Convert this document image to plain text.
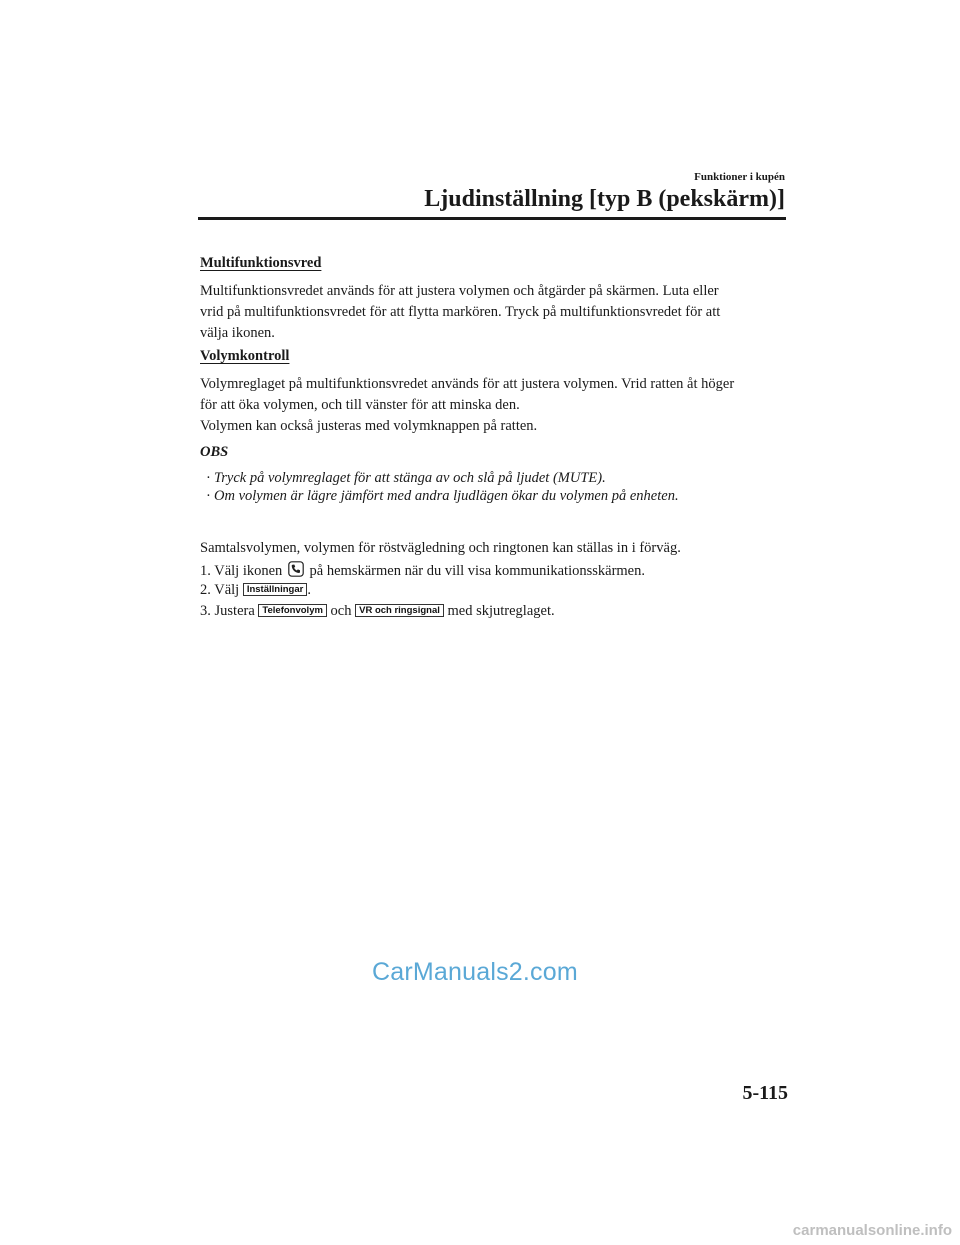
Funktioner i kupén
Ljudinställning [typ B (pekskärm)]
Multifunktionsvred
Multifunktionsvredet används för att justera volymen och åtgärder på skärmen. Luta eller
vrid på multifunktionsvredet för att flytta markören. Tryck på multifunktionsvredet för att
välja ikonen.
Volymkontroll
Volymreglaget på multifunktionsvredet används för att justera volymen. Vrid ratten åt höger
för att öka volymen, och till vänster för att minska den.
Volymen kan också justeras med volymknappen på ratten.
OBS
· Tryck på volymreglaget för att stänga av och slå på ljudet (MUTE).
· Om volymen är lägre jämfört med andra ljudlägen ökar du volymen på enheten.
Samtalsvolymen, volymen för röstvägledning och ringtonen kan ställas in i förväg.
1. Välj ikonen på hemskärmen när du vill visa kommunikationsskärmen.
2. Välj Inställningar .
3. Justera Telefonvolym och VR och ringsignal med skjutreglaget.
CarManuals2.com
5-115
carmanualsonline.info
